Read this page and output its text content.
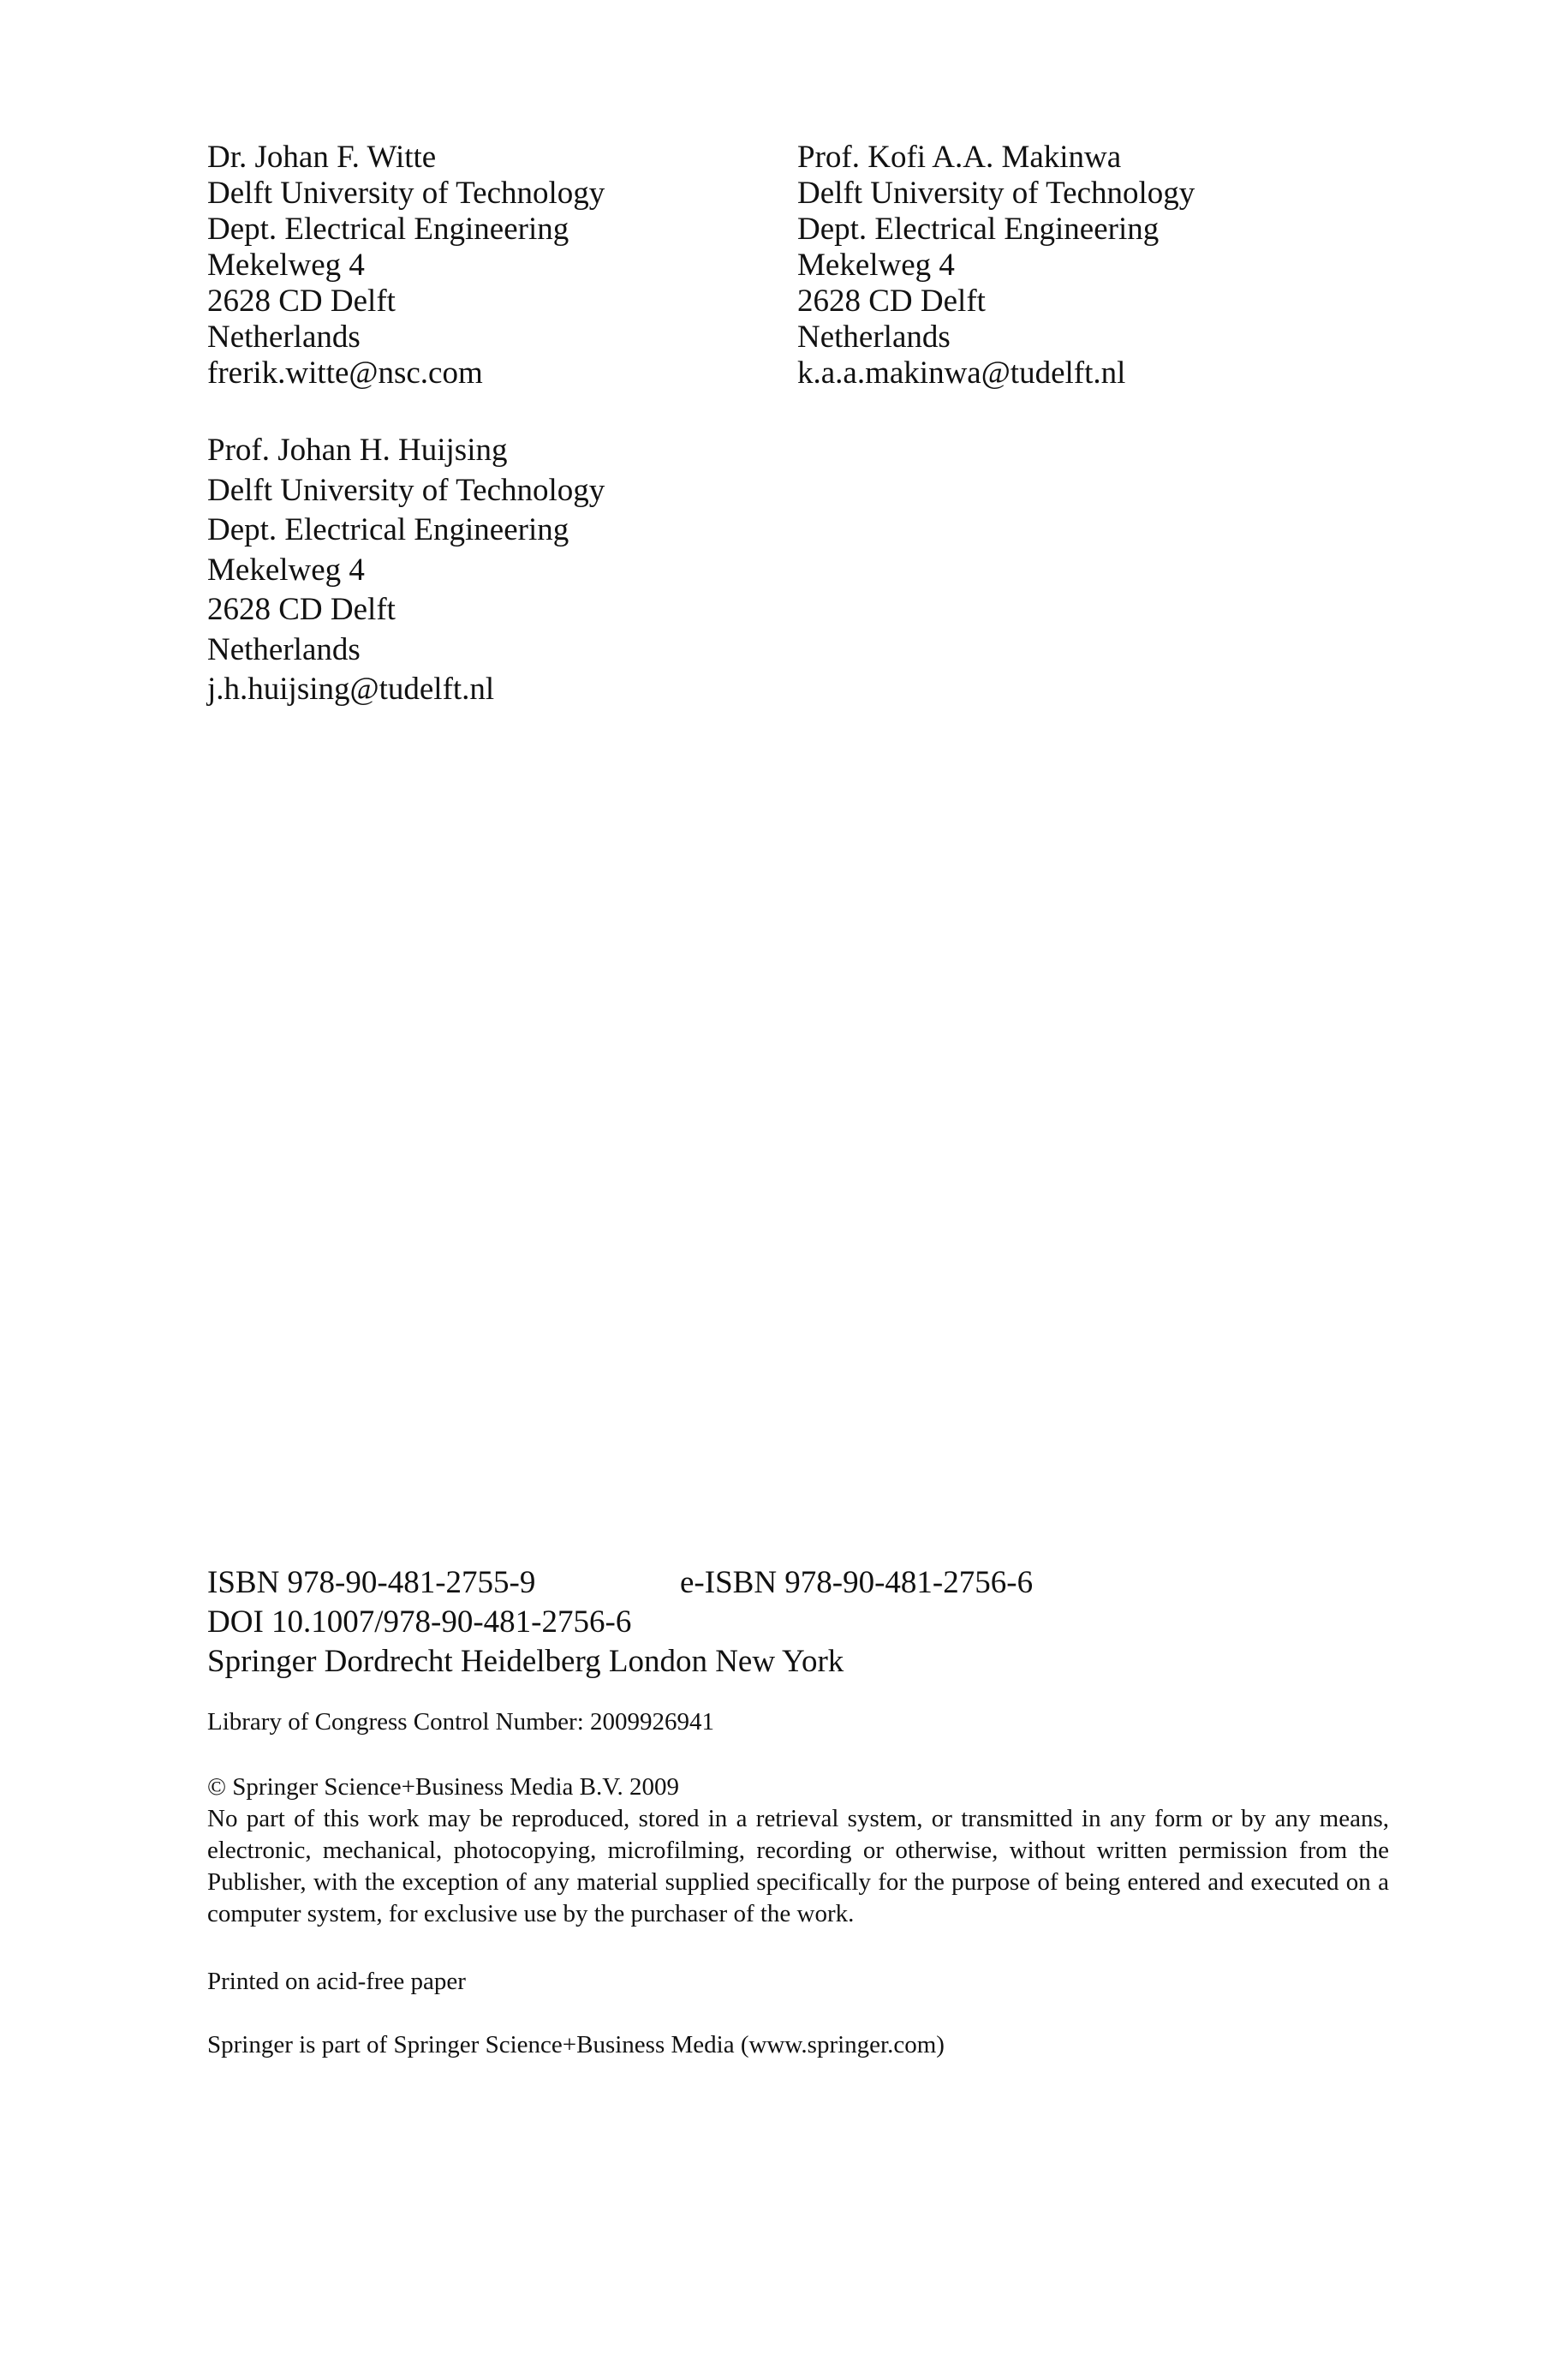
Dr. Johan F. Witte
Delft University of Technology
Dept. Electrical Engineering
Mekelweg 4
2628 CD Delft
Netherlands
frerik.witte@nsc.com
Prof. Kofi A.A. Makinwa
Delft University of Technology
Dept. Electrical Engineering
Mekelweg 4
2628 CD Delft
Netherlands
k.a.a.makinwa@tudelft.nl
Prof. Johan H. Huijsing
Delft University of Technology
Dept. Electrical Engineering
Mekelweg 4
2628 CD Delft
Netherlands
j.h.huijsing@tudelft.nl
ISBN 978-90-481-2755-9	e-ISBN 978-90-481-2756-6
DOI 10.1007/978-90-481-2756-6
Springer Dordrecht Heidelberg London New York
Library of Congress Control Number: 2009926941
© Springer Science+Business Media B.V. 2009
No part of this work may be reproduced, stored in a retrieval system, or transmitted in any form or by any means, electronic, mechanical, photocopying, microfilming, recording or otherwise, without written permission from the Publisher, with the exception of any material supplied specifically for the purpose of being entered and executed on a computer system, for exclusive use by the purchaser of the work.
Printed on acid-free paper
Springer is part of Springer Science+Business Media (www.springer.com)
